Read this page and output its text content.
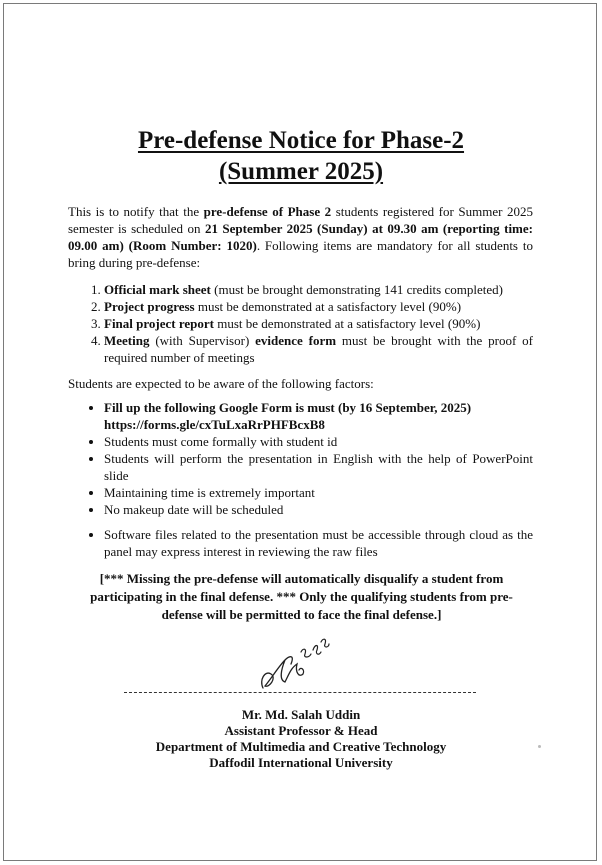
Pre-defense Notice for Phase-2
(Summer 2025)

This is to notify that the pre-defense of Phase 2 students registered for Summer 2025 semester is scheduled on 21 September 2025 (Sunday) at 09.30 am (reporting time: 09.00 am) (Room Number: 1020). Following items are mandatory for all students to bring during pre-defense:

1. Official mark sheet (must be brought demonstrating 141 credits completed)
2. Project progress must be demonstrated at a satisfactory level (90%)
3. Final project report must be demonstrated at a satisfactory level (90%)
4. Meeting (with Supervisor) evidence form must be brought with the proof of required number of meetings

Students are expected to be aware of the following factors:

• Fill up the following Google Form is must (by 16 September, 2025)
https://forms.gle/cxTuLxaRrPHFBcxB8
• Students must come formally with student id
• Students will perform the presentation in English with the help of PowerPoint slide
• Maintaining time is extremely important
• No makeup date will be scheduled
• Software files related to the presentation must be accessible through cloud as the panel may express interest in reviewing the raw files

[*** Missing the pre-defense will automatically disqualify a student from participating in the final defense. *** Only the qualifying students from pre-defense will be permitted to face the final defense.]

Mr. Md. Salah Uddin
Assistant Professor & Head
Department of Multimedia and Creative Technology
Daffodil International University
